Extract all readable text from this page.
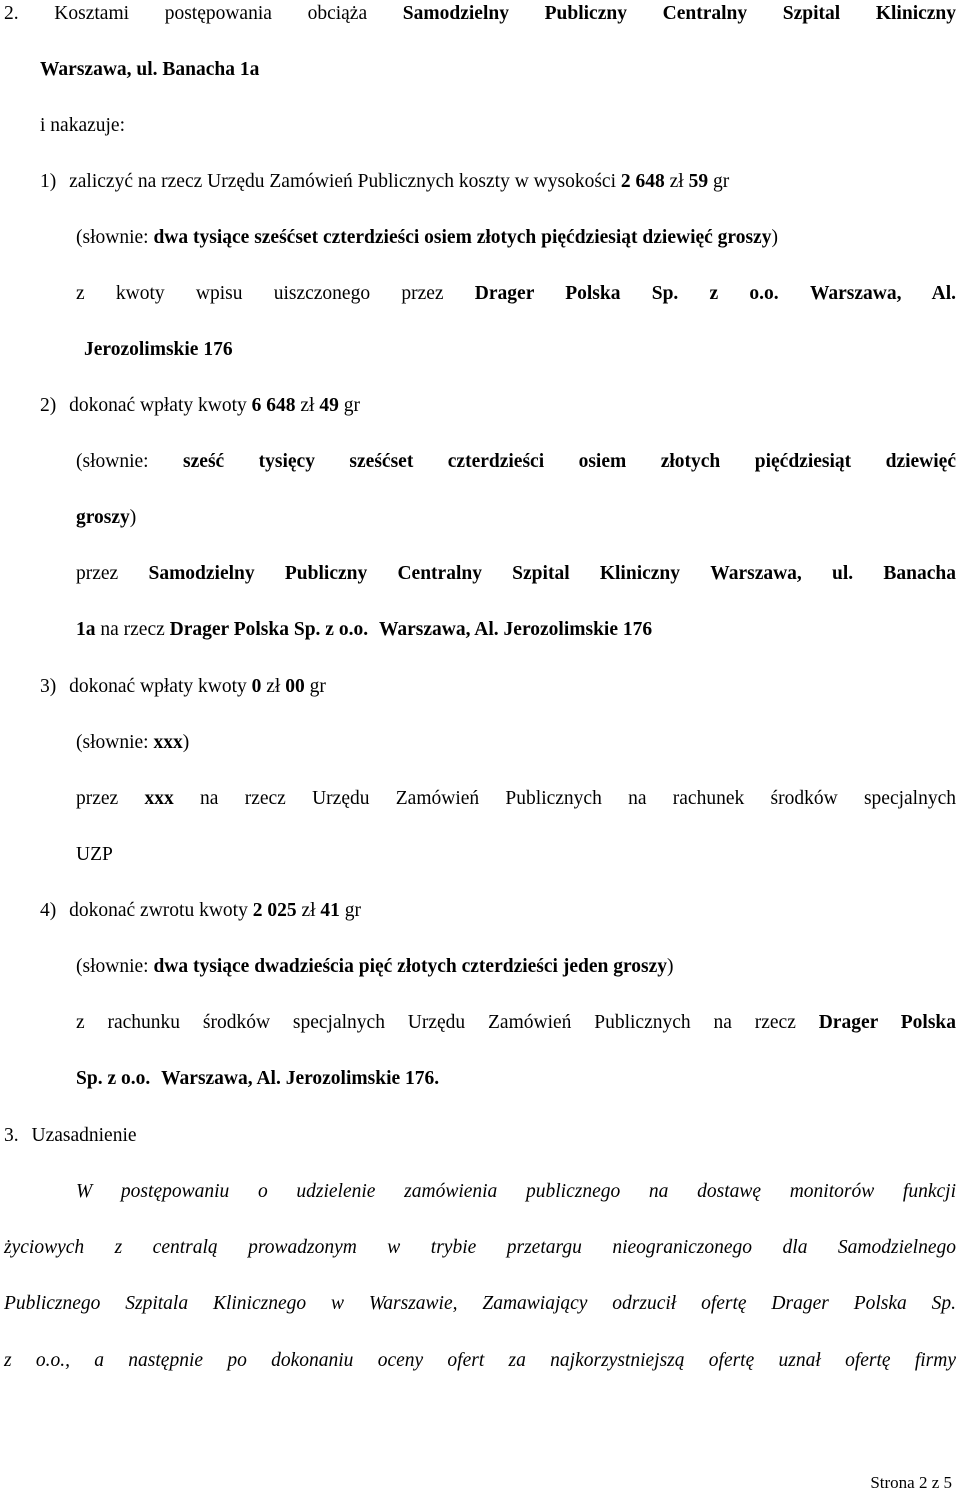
2. Kosztami postępowania obciąża Samodzielny Publiczny Centralny Szpital Kliniczny
Warszawa, ul. Banacha 1a
i nakazuje:
1) zaliczyć na rzecz Urzędu Zamówień Publicznych koszty w wysokości 2 648 zł 59 gr
(słownie: dwa tysiące sześćset czterdzieści osiem złotych pięćdziesiąt dziewięć groszy)
z kwoty wpisu uiszczonego przez Drager Polska Sp. z o.o. Warszawa, Al.
Jerozolimskie 176
2) dokonać wpłaty kwoty 6 648 zł 49 gr
(słownie: sześć tysięcy sześćset czterdzieści osiem złotych pięćdziesiąt dziewięć
groszy)
przez Samodzielny Publiczny Centralny Szpital Kliniczny Warszawa, ul. Banacha
1a na rzecz Drager Polska Sp. z o.o. Warszawa, Al. Jerozolimskie 176
3) dokonać wpłaty kwoty 0 zł 00 gr
(słownie: xxx)
przez xxx na rzecz Urzędu Zamówień Publicznych na rachunek środków specjalnych
UZP
4) dokonać zwrotu kwoty 2 025 zł 41 gr
(słownie: dwa tysiące dwadzieścia pięć złotych czterdzieści jeden groszy)
z rachunku środków specjalnych Urzędu Zamówień Publicznych na rzecz Drager Polska
Sp. z o.o. Warszawa, Al. Jerozolimskie 176.
3. Uzasadnienie
W postępowaniu o udzielenie zamówienia publicznego na dostawę monitorów funkcji
życiowych z centralą prowadzonym w trybie przetargu nieograniczonego dla Samodzielnego
Publicznego Szpitala Klinicznego w Warszawie, Zamawiający odrzucił ofertę Drager Polska Sp.
z o.o., a następnie po dokonaniu oceny ofert za najkorzystniejszą ofertę uznał ofertę firmy
Strona 2 z 5
